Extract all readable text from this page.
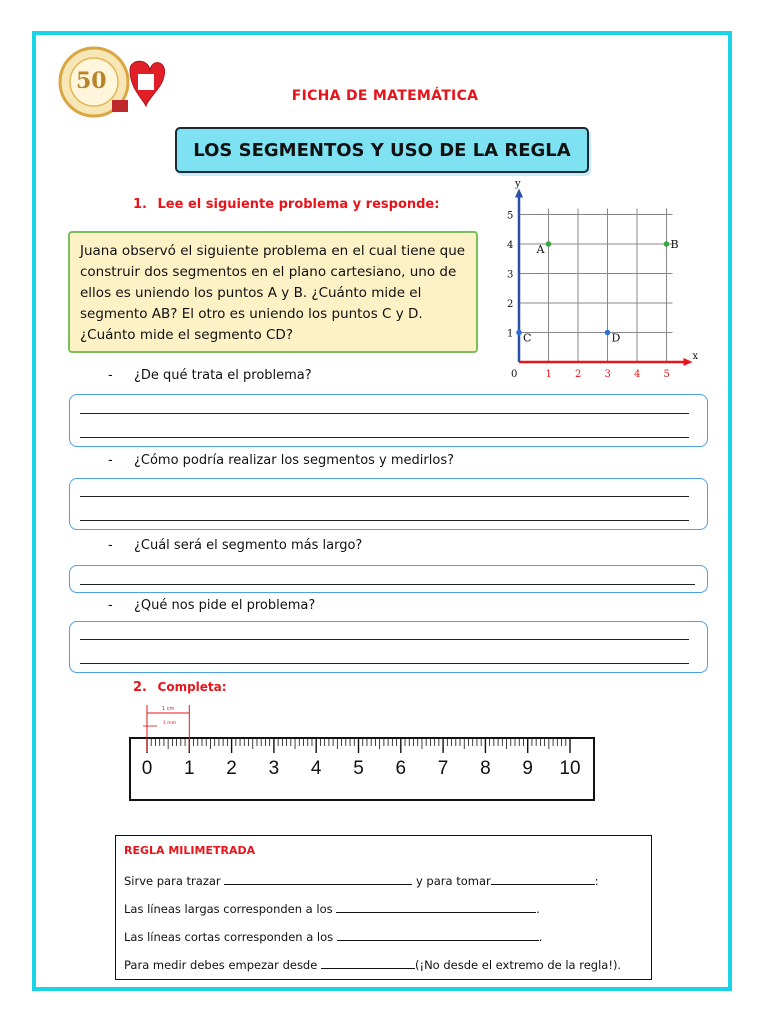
50
FICHA DE MATEMÁTICA
LOS SEGMENTOS Y USO DE LA REGLA
1. Lee el siguiente problema y responde:
Juana observó el siguiente problema en el cual tiene que construir dos segmentos en el plano cartesiano, uno de ellos es uniendo los puntos A y B. ¿Cuánto mide el segmento AB? El otro es uniendo los puntos C y D. ¿Cuánto mide el segmento CD?
x
y
0	1 2 3 4 5
1
2
3
4
5
A	B
C	D
- ¿De qué trata el problema?
- ¿Cómo podría realizar los segmentos y medirlos?
- ¿Cuál será el segmento más largo?
- ¿Qué nos pide el problema?
2. Completa:
0 1 2 3 4 5 6 7 8 9 10
1 cm
1 mm
REGLA MILIMETRADA
Sirve para trazar	y para tomar	:
Las líneas largas corresponden a los	.
Las líneas cortas corresponden a los	.
Para medir debes empezar desde	(¡No desde el extremo de la regla!).
